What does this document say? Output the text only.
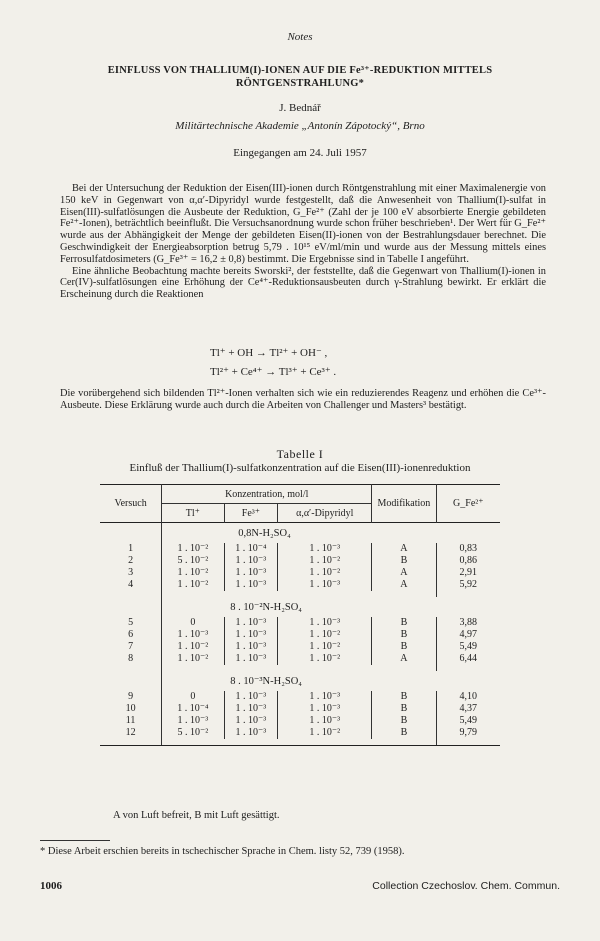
Notes
EINFLUSS VON THALLIUM(I)-IONEN AUF DIE Fe³⁺-REDUKTION MITTELS
RÖNTGENSTRAHLUNG*
J. Bednář
Militärtechnische Akademie „Antonín Zápotocký“, Brno
Eingegangen am 24. Juli 1957

Bei der Untersuchung der Reduktion der Eisen(III)-ionen durch Röntgenstrahlung mit einer Maximalenergie von 150 keV in Gegenwart von α,α′-Dipyridyl wurde festgestellt, daß die Anwesenheit von Thallium(I)-sulfat in Eisen(III)-sulfatlösungen die Ausbeute der Reduktion, G_Fe²⁺ (Zahl der je 100 eV absorbierte Energie gebildeten Fe²⁺-Ionen), beträchtlich beeinflußt. Die Versuchsanordnung wurde schon früher beschrieben¹. Der Wert für G_Fe²⁺ wurde aus der Abhängigkeit der Menge der gebildeten Eisen(II)-ionen von der Bestrahlungsdauer berechnet. Die Geschwindigkeit der Energieabsorption betrug 5,79 . 10¹⁵ eV/ml/min und wurde aus der Messung mittels eines Ferrosulfatdosimeters (G_Fe³⁺ = 16,2 ± 0,8) bestimmt. Die Ergebnisse sind in Tabelle I angeführt.

Eine ähnliche Beobachtung machte bereits Sworski², der feststellte, daß die Gegenwart von Thallium(I)-ionen in Cer(IV)-sulfatlösungen eine Erhöhung der Ce⁴⁺-Reduktionsausbeuten durch γ-Strahlung bewirkt. Er erklärt die Erscheinung durch die Reaktionen

Tl⁺ + OH → Tl²⁺ + OH⁻ ,
Tl²⁺ + Ce⁴⁺ → Tl³⁺ + Ce³⁺ .
Die vorübergehend sich bildenden Tl²⁺-Ionen verhalten sich wie ein reduzierendes Reagenz und erhöhen die Ce³⁺-Ausbeute. Diese Erklärung wurde auch durch die Arbeiten von Challenger und Masters³ bestätigt.
Tabelle I
Einfluß der Thallium(I)-sulfatkonzentration auf die Eisen(III)-ionenreduktion
Versuch	Konzentration, mol/l			Modifikation	G_Fe²⁺
	Tl⁺	Fe³⁺	α,α′-Dipyridyl		
	0,8N-H₂SO₄				
1	1 . 10⁻²	1 . 10⁻⁴	1 . 10⁻³	A	0,83
2	5 . 10⁻²	1 . 10⁻³	1 . 10⁻²	B	0,86
3	1 . 10⁻²	1 . 10⁻³	1 . 10⁻²	A	2,91
4	1 . 10⁻²	1 . 10⁻³	1 . 10⁻³	A	5,92

	8 . 10⁻²N-H₂SO₄				
5	0	1 . 10⁻³	1 . 10⁻³	B	3,88
6	1 . 10⁻³	1 . 10⁻³	1 . 10⁻²	B	4,97
7	1 . 10⁻²	1 . 10⁻³	1 . 10⁻²	B	5,49
8	1 . 10⁻²	1 . 10⁻³	1 . 10⁻²	A	6,44

	8 . 10⁻³N-H₂SO₄				
9	0	1 . 10⁻³	1 . 10⁻³	B	4,10
10	1 . 10⁻⁴	1 . 10⁻³	1 . 10⁻³	B	4,37
11	1 . 10⁻³	1 . 10⁻³	1 . 10⁻³	B	5,49
12	5 . 10⁻²	1 . 10⁻³	1 . 10⁻²	B	9,79

A von Luft befreit, B mit Luft gesättigt.
* Diese Arbeit erschien bereits in tschechischer Sprache in Chem. listy 52, 739 (1958).
1006	Collection Czechoslov. Chem. Commun.
